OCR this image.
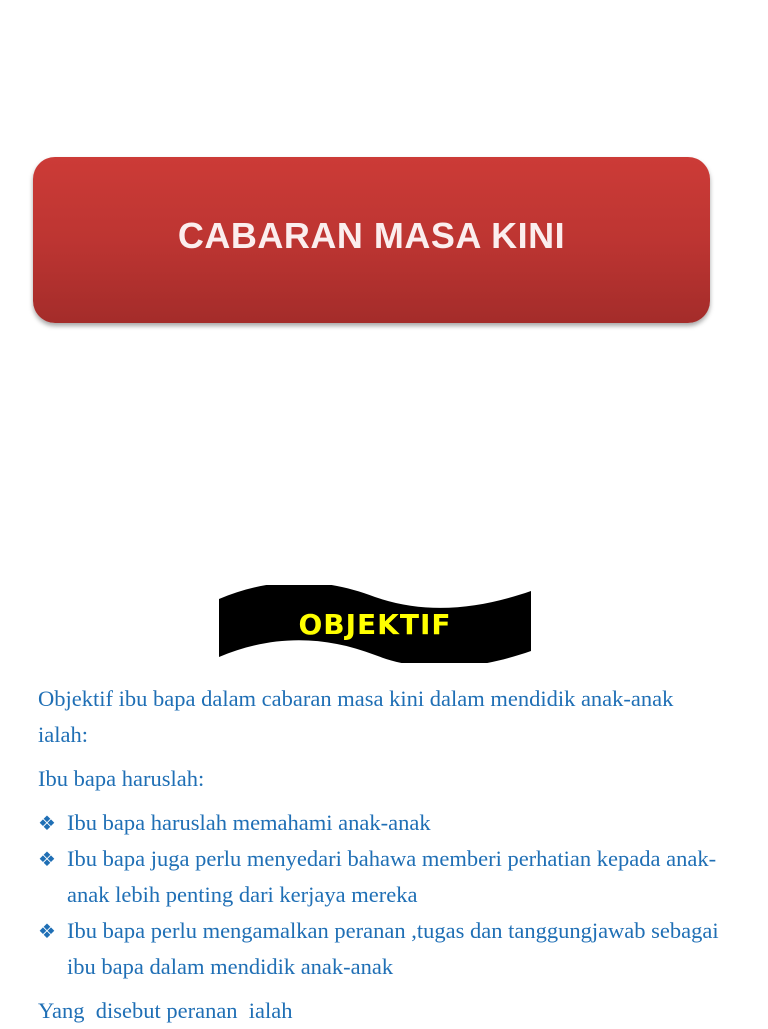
CABARAN MASA KINI
OBJEKTIF

Objektif ibu bapa dalam cabaran masa kini dalam mendidik anak-anak ialah:

Ibu bapa haruslah:

❖ Ibu bapa haruslah memahami anak-anak
❖ Ibu bapa juga perlu menyedari bahawa memberi perhatian kepada anak-anak lebih penting dari kerjaya mereka
❖ Ibu bapa perlu mengamalkan peranan ,tugas dan tanggungjawab sebagai ibu bapa dalam mendidik anak-anak

Yang  disebut peranan  ialah
